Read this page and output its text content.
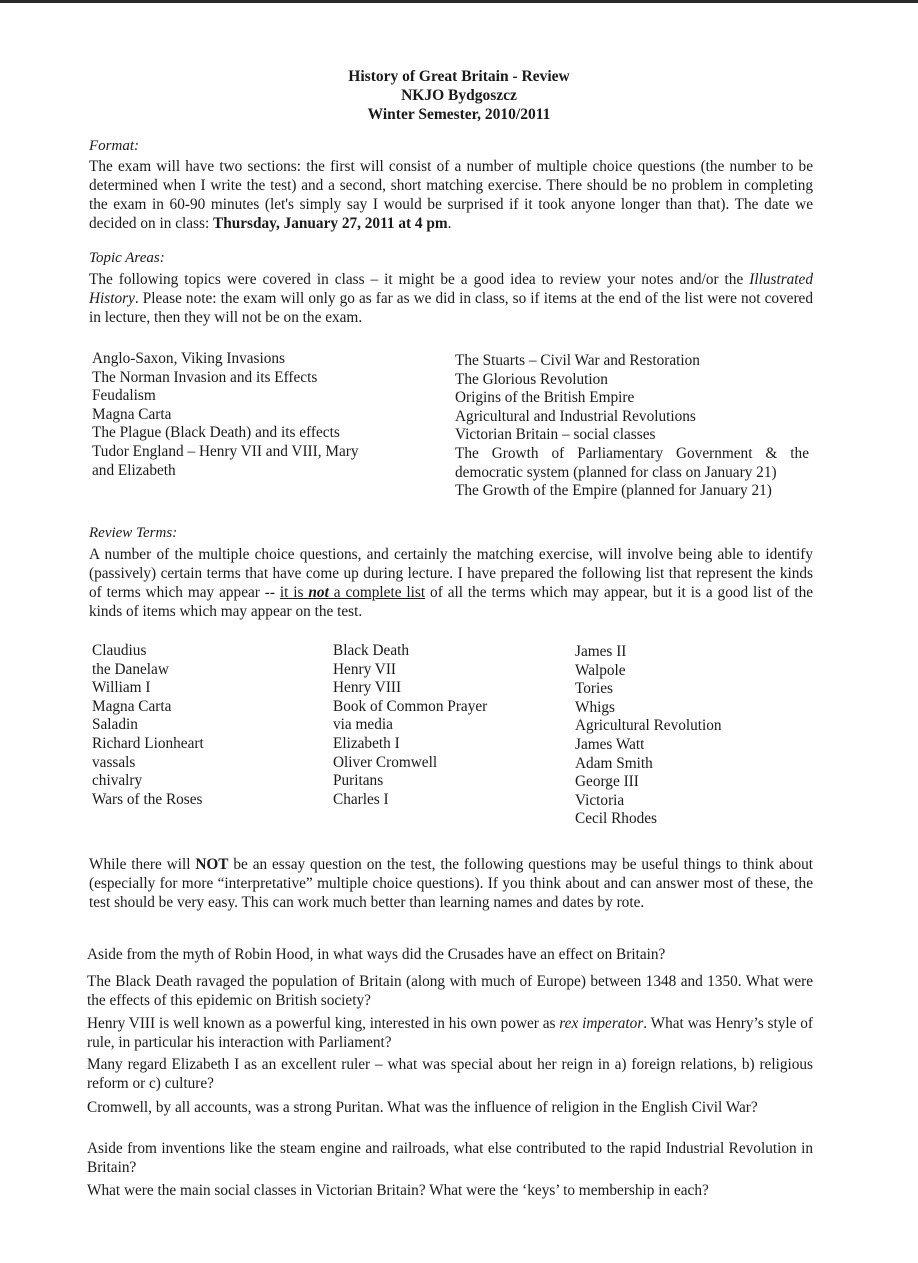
History of Great Britain - Review
NKJO Bydgoszcz
Winter Semester, 2010/2011
Format:
The exam will have two sections: the first will consist of a number of multiple choice questions (the number to be determined when I write the test) and a second, short matching exercise. There should be no problem in completing the exam in 60-90 minutes (let's simply say I would be surprised if it took anyone longer than that). The date we decided on in class: Thursday, January 27, 2011 at 4 pm.
Topic Areas:
The following topics were covered in class – it might be a good idea to review your notes and/or the Illustrated History. Please note: the exam will only go as far as we did in class, so if items at the end of the list were not covered in lecture, then they will not be on the exam.
Anglo-Saxon, Viking Invasions
The Norman Invasion and its Effects
Feudalism
Magna Carta
The Plague (Black Death) and its effects
Tudor England – Henry VII and VIII, Mary
and Elizabeth
The Stuarts – Civil War and Restoration
The Glorious Revolution
Origins of the British Empire
Agricultural and Industrial Revolutions
Victorian Britain – social classes
The Growth of Parliamentary Government & the
democratic system (planned for class on January 21)
The Growth of the Empire (planned for January 21)
Review Terms:
A number of the multiple choice questions, and certainly the matching exercise, will involve being able to identify (passively) certain terms that have come up during lecture. I have prepared the following list that represent the kinds of terms which may appear -- it is not a complete list of all the terms which may appear, but it is a good list of the kinds of items which may appear on the test.
Claudius
the Danelaw
William I
Magna Carta
Saladin
Richard Lionheart
vassals
chivalry
Wars of the Roses
Black Death
Henry VII
Henry VIII
Book of Common Prayer
via media
Elizabeth I
Oliver Cromwell
Puritans
Charles I
James II
Walpole
Tories
Whigs
Agricultural Revolution
James Watt
Adam Smith
George III
Victoria
Cecil Rhodes
While there will NOT be an essay question on the test, the following questions may be useful things to think about (especially for more “interpretative” multiple choice questions). If you think about and can answer most of these, the test should be very easy. This can work much better than learning names and dates by rote.
Aside from the myth of Robin Hood, in what ways did the Crusades have an effect on Britain?
The Black Death ravaged the population of Britain (along with much of Europe) between 1348 and 1350. What were the effects of this epidemic on British society?
Henry VIII is well known as a powerful king, interested in his own power as rex imperator. What was Henry’s style of rule, in particular his interaction with Parliament?
Many regard Elizabeth I as an excellent ruler – what was special about her reign in a) foreign relations, b) religious reform or c) culture?
Cromwell, by all accounts, was a strong Puritan. What was the influence of religion in the English Civil War?
Aside from inventions like the steam engine and railroads, what else contributed to the rapid Industrial Revolution in Britain?
What were the main social classes in Victorian Britain? What were the ‘keys’ to membership in each?
